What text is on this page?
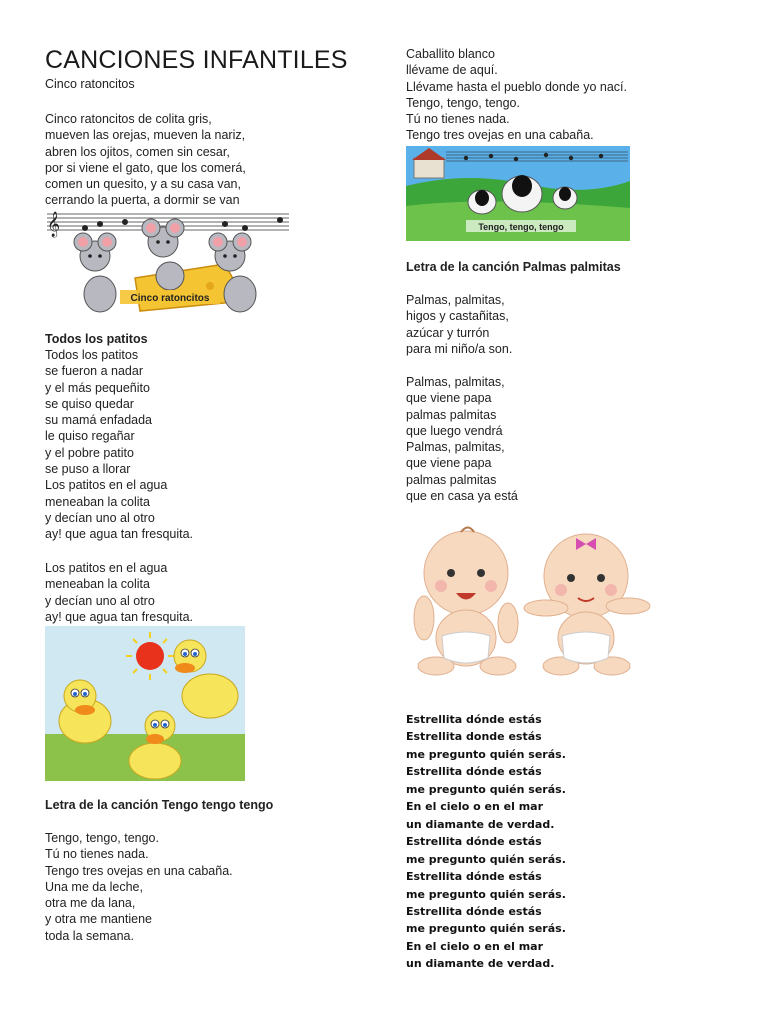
CANCIONES INFANTILES
Cinco ratoncitos
Cinco ratoncitos de colita gris,
mueven las orejas, mueven la nariz,
abren los ojitos, comen sin cesar,
por si viene el gato, que los comerá,
comen un quesito, y a su casa van,
cerrando la puerta, a dormir se van
𝄞
Cinco ratoncitos
Todos los patitos
Todos los patitos
se fueron a nadar
y el más pequeñito
se quiso quedar
su mamá enfadada
le quiso regañar
y el pobre patito
se puso a llorar
Los patitos en el agua
meneaban la colita
y decían uno al otro
ay! que agua tan fresquita.
Los patitos en el agua
meneaban la colita
y decían uno al otro
ay! que agua tan fresquita.
Letra de la canción Tengo tengo tengo
Tengo, tengo, tengo.
Tú no tienes nada.
Tengo tres ovejas en una cabaña.
Una me da leche,
otra me da lana,
y otra me mantiene
toda la semana.
Caballito blanco
llévame de aquí.
Llévame hasta el pueblo donde yo nací.
Tengo, tengo, tengo.
Tú no tienes nada.
Tengo tres ovejas en una cabaña.
Tengo, tengo, tengo
Letra de la canción Palmas palmitas
Palmas, palmitas,
higos y castañitas,
azúcar y turrón
para mi niño/a son.
Palmas, palmitas,
que viene papa
palmas palmitas
que luego vendrá
Palmas, palmitas,
que viene papa
palmas palmitas
que en casa ya está
Estrellita dónde estás
Estrellita donde estás
me pregunto quién serás.
Estrellita dónde estás
me pregunto quién serás.
En el cielo o en el mar
un diamante de verdad.
Estrellita dónde estás
me pregunto quién serás.
Estrellita dónde estás
me pregunto quién serás.
Estrellita dónde estás
me pregunto quién serás.
En el cielo o en el mar
un diamante de verdad.
